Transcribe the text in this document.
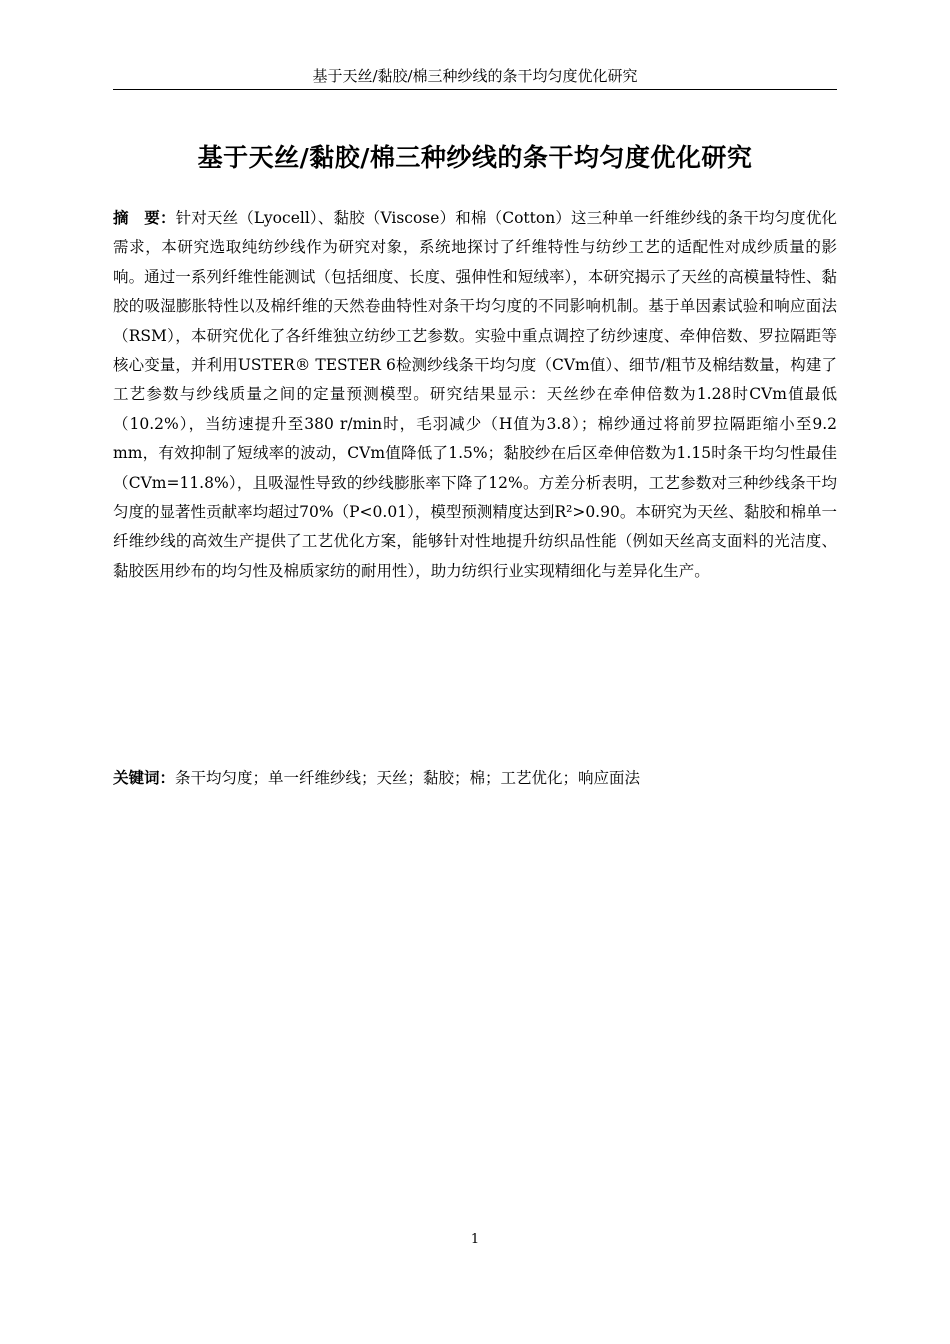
基于天丝/黏胶/棉三种纱线的条干均匀度优化研究
基于天丝/黏胶/棉三种纱线的条干均匀度优化研究
摘　要：针对天丝（Lyocell）、黏胶（Viscose）和棉（Cotton）这三种单一纤维纱线的条干均匀度优化需求，本研究选取纯纺纱线作为研究对象，系统地探讨了纤维特性与纺纱工艺的适配性对成纱质量的影响。通过一系列纤维性能测试（包括细度、长度、强伸性和短绒率），本研究揭示了天丝的高模量特性、黏胶的吸湿膨胀特性以及棉纤维的天然卷曲特性对条干均匀度的不同影响机制。基于单因素试验和响应面法（RSM），本研究优化了各纤维独立纺纱工艺参数。实验中重点调控了纺纱速度、牵伸倍数、罗拉隔距等核心变量，并利用USTER® TESTER 6检测纱线条干均匀度（CVm值）、细节/粗节及棉结数量，构建了工艺参数与纱线质量之间的定量预测模型。研究结果显示：天丝纱在牵伸倍数为1.28时CVm值最低（10.2%），当纺速提升至380 r/min时，毛羽减少（H值为3.8）；棉纱通过将前罗拉隔距缩小至9.2 mm，有效抑制了短绒率的波动，CVm值降低了1.5%；黏胶纱在后区牵伸倍数为1.15时条干均匀性最佳（CVm=11.8%），且吸湿性导致的纱线膨胀率下降了12%。方差分析表明，工艺参数对三种纱线条干均匀度的显著性贡献率均超过70%（P<0.01），模型预测精度达到R²>0.90。本研究为天丝、黏胶和棉单一纤维纱线的高效生产提供了工艺优化方案，能够针对性地提升纺织品性能（例如天丝高支面料的光洁度、黏胶医用纱布的均匀性及棉质家纺的耐用性），助力纺织行业实现精细化与差异化生产。
关键词：条干均匀度；单一纤维纱线；天丝；黏胶；棉；工艺优化；响应面法
1
